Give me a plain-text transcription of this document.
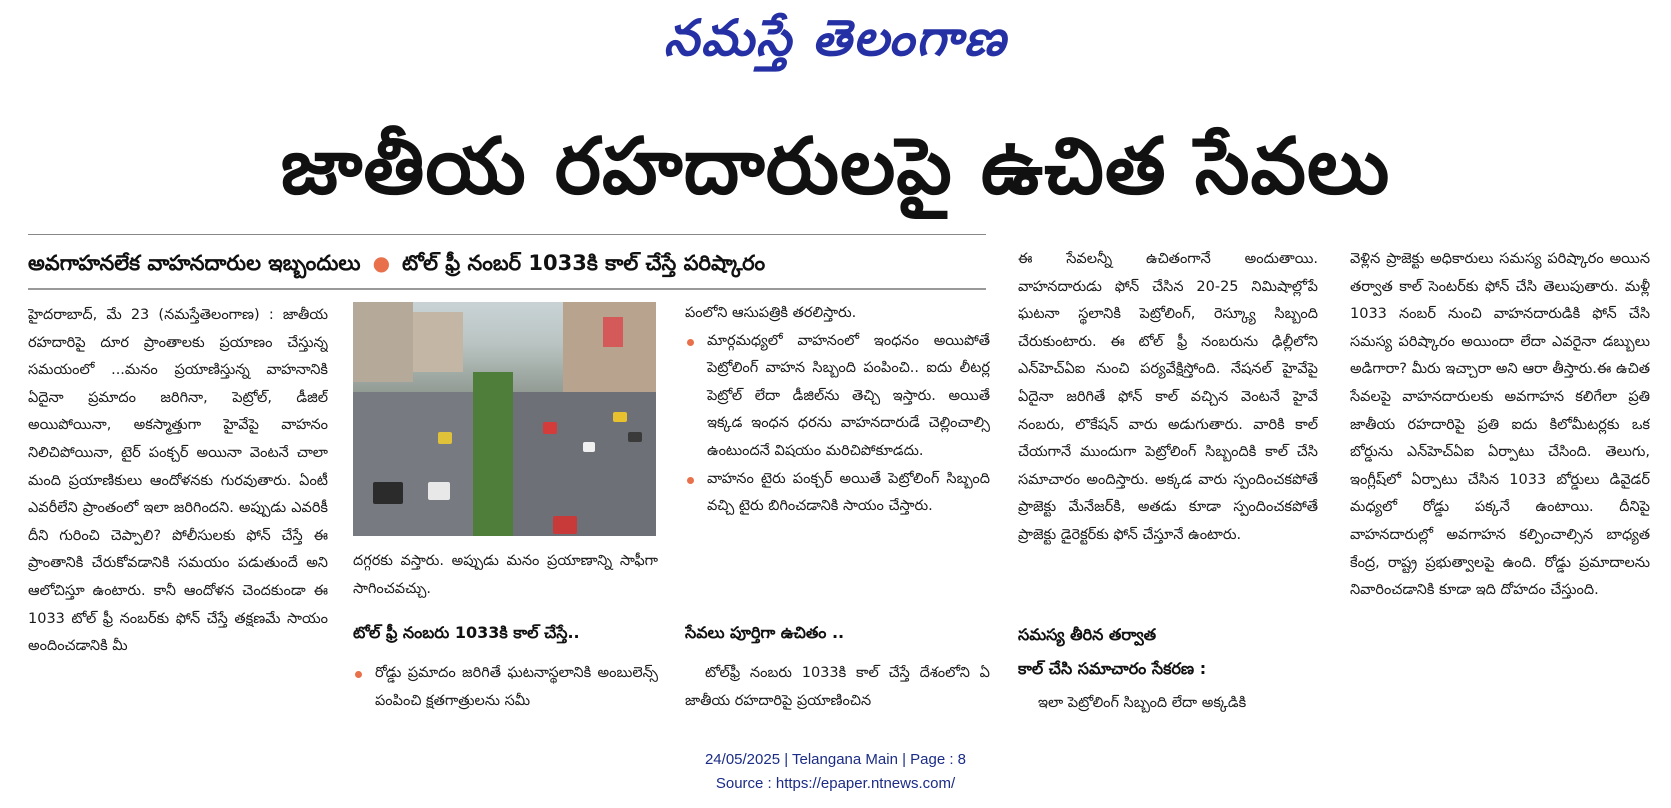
నమస్తే తెలంగాణ
జాతీయ రహదారులపై ఉచిత సేవలు
అవగాహనలేక వాహనదారుల ఇబ్బందులు ● టోల్ ఫ్రీ నంబర్ 1033కి కాల్ చేస్తే పరిష్కారం

హైదరాబాద్, మే 23 (నమస్తేతెలంగాణ) : జాతీయ రహదారిపై దూర ప్రాంతాలకు ప్రయాణం చేస్తున్న సమయంలో ...మనం ప్రయాణిస్తున్న వాహనానికి ఏదైనా ప్రమాదం జరిగినా, పెట్రోల్, డీజిల్ అయిపోయినా, అకస్మాత్తుగా హైవేపై వాహనం నిలిచిపోయినా, టైర్ పంక్చర్ అయినా వెంటనే చాలా మంది ప్రయాణికులు ఆందోళనకు గురవుతారు. ఏంటీ ఎవరీలేని ప్రాంతంలో ఇలా జరిగిందని. అప్పుడు ఎవరికీ దీని గురించి చెప్పాలి? పోలీసులకు ఫోన్ చేస్తే ఈ ప్రాంతానికి చేరుకోవడానికి సమయం పడుతుందే అని ఆలోచిస్తూ ఉంటారు. కానీ ఆందోళన చెందకుండా ఈ 1033 టోల్ ఫ్రీ నంబర్‌కు ఫోన్ చేస్తే తక్షణమే సాయం అందించడానికి మీ

దగ్గరకు వస్తారు. అప్పుడు మనం ప్రయాణాన్ని సాఫీగా సాగించవచ్చు.

టోల్ ఫ్రీ నంబరు 1033కి కాల్ చేస్తే..

రోడ్డు ప్రమాదం జరిగితే ఘటనాస్థలానికి అంబులెన్స్ పంపించి క్షతగాత్రులను సమీ

పంలోని ఆసుపత్రికి తరలిస్తారు.

మార్గమధ్యలో వాహనంలో ఇంధనం అయిపోతే పెట్రోలింగ్ వాహన సిబ్బంది పంపించి.. ఐదు లీటర్ల పెట్రోల్ లేదా డీజిల్‌ను తెచ్చి ఇస్తారు. అయితే ఇక్కడ ఇంధన ధరను వాహనదారుడే చెల్లించాల్సి ఉంటుందనే విషయం మరిచిపోకూడదు.

వాహనం టైరు పంక్చర్ అయితే పెట్రోలింగ్ సిబ్బంది వచ్చి టైరు బిగించడానికి సాయం చేస్తారు.

సేవలు పూర్తిగా ఉచితం ..

టోల్‌ఫ్రీ నంబరు 1033కి కాల్ చేస్తే దేశంలోని ఏ జాతీయ రహదారిపై ప్రయాణించిన

ఈ సేవలన్నీ ఉచితంగానే అందుతాయి. వాహనదారుడు ఫోన్ చేసిన 20-25 నిమిషాల్లోపే ఘటనా స్థలానికి పెట్రోలింగ్, రెస్క్యూ సిబ్బంది చేరుకుంటారు. ఈ టోల్ ఫ్రీ నంబరును ఢిల్లీలోని ఎన్‌హెచ్‌ఏఐ నుంచి పర్యవేక్షిస్తోంది. నేషనల్ హైవేపై ఏదైనా జరిగితే ఫోన్ కాల్ వచ్చిన వెంటనే హైవే నంబరు, లొకేషన్ వారు అడుగుతారు. వారికి కాల్ చేయగానే ముందుగా పెట్రోలింగ్ సిబ్బందికి కాల్ చేసి సమాచారం అందిస్తారు. అక్కడ వారు స్పందించకపోతే ప్రాజెక్టు మేనేజర్‌కి, అతడు కూడా స్పందించకపోతే ప్రాజెక్టు డైరెక్టర్‌కు ఫోన్ చేస్తూనే ఉంటారు.

సమస్య తీరిన తర్వాత
కాల్ చేసి సమాచారం సేకరణ :

ఇలా పెట్రోలింగ్ సిబ్బంది లేదా అక్కడికి

వెళ్లిన ప్రాజెక్టు అధికారులు సమస్య పరిష్కారం అయిన తర్వాత కాల్ సెంటర్‌కు ఫోన్ చేసి తెలుపుతారు. మళ్లీ 1033 నంబర్ నుంచి వాహనదారుడికి ఫోన్ చేసి సమస్య పరిష్కారం అయిందా లేదా ఎవరైనా డబ్బులు అడిగారా? మీరు ఇచ్చారా అని ఆరా తీస్తారు.ఈ ఉచిత సేవలపై వాహనదారులకు అవగాహన కలిగేలా ప్రతి జాతీయ రహదారిపై ప్రతి ఐదు కిలోమీటర్లకు ఒక బోర్డును ఎన్‌హెచ్‌ఏఐ ఏర్పాటు చేసింది. తెలుగు, ఇంగ్లీష్‌లో ఏర్పాటు చేసిన 1033 బోర్డులు డివైడర్ మధ్యలో రోడ్డు పక్కనే ఉంటాయి. దీనిపై వాహనదారుల్లో అవగాహన కల్పించాల్సిన బాధ్యత కేంద్ర, రాష్ట్ర ప్రభుత్వాలపై ఉంది. రోడ్డు ప్రమాదాలను నివారించడానికి కూడా ఇది దోహదం చేస్తుంది.

24/05/2025 | Telangana Main | Page : 8
Source : https://epaper.ntnews.com/
